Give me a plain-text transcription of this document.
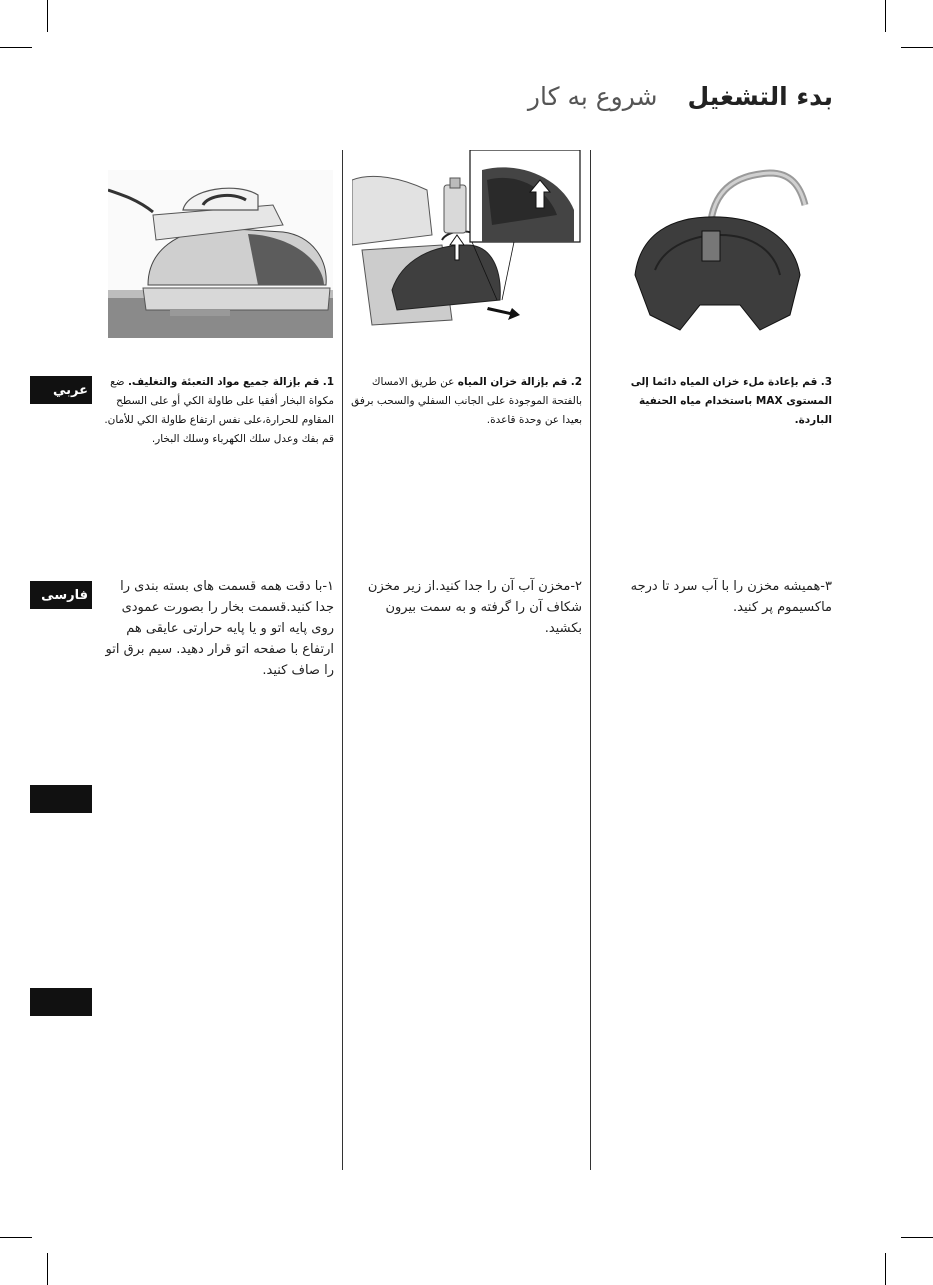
بدء التشغيل شروع به کار
عربي
فارسی
1. قم بإزالة جميع مواد التعبئة والتغليف. ضع مكواة البخار أفقيا على طاولة الكي أو على السطح المقاوم للحرارة،على نفس ارتفاع طاولة الكي للأمان. قم بفك وعدل سلك الكهرباء وسلك البخار.
2. قم بإزالة خزان المياه عن طريق الامساك بالفتحة الموجودة على الجانب السفلي والسحب برفق بعيدا عن وحدة قاعدة.
3. قم بإعادة ملء خزان المياه دائما إلى المستوى MAX باستخدام مياه الحنفية الباردة.
۱-با دقت همه قسمت های بسته بندی را جدا کنید.قسمت بخار را بصورت عمودی روی پایه اتو و یا پایه حرارتی عایقی هم ارتفاع با صفحه اتو قرار دهید. سیم برق اتو را صاف کنید.
۲-مخزن آب آن را جدا کنید.از زیر مخزن شکاف آن را گرفته و به سمت بیرون بکشید.
۳-همیشه مخزن را با آب سرد تا درجه ماکسیموم پر کنید.
